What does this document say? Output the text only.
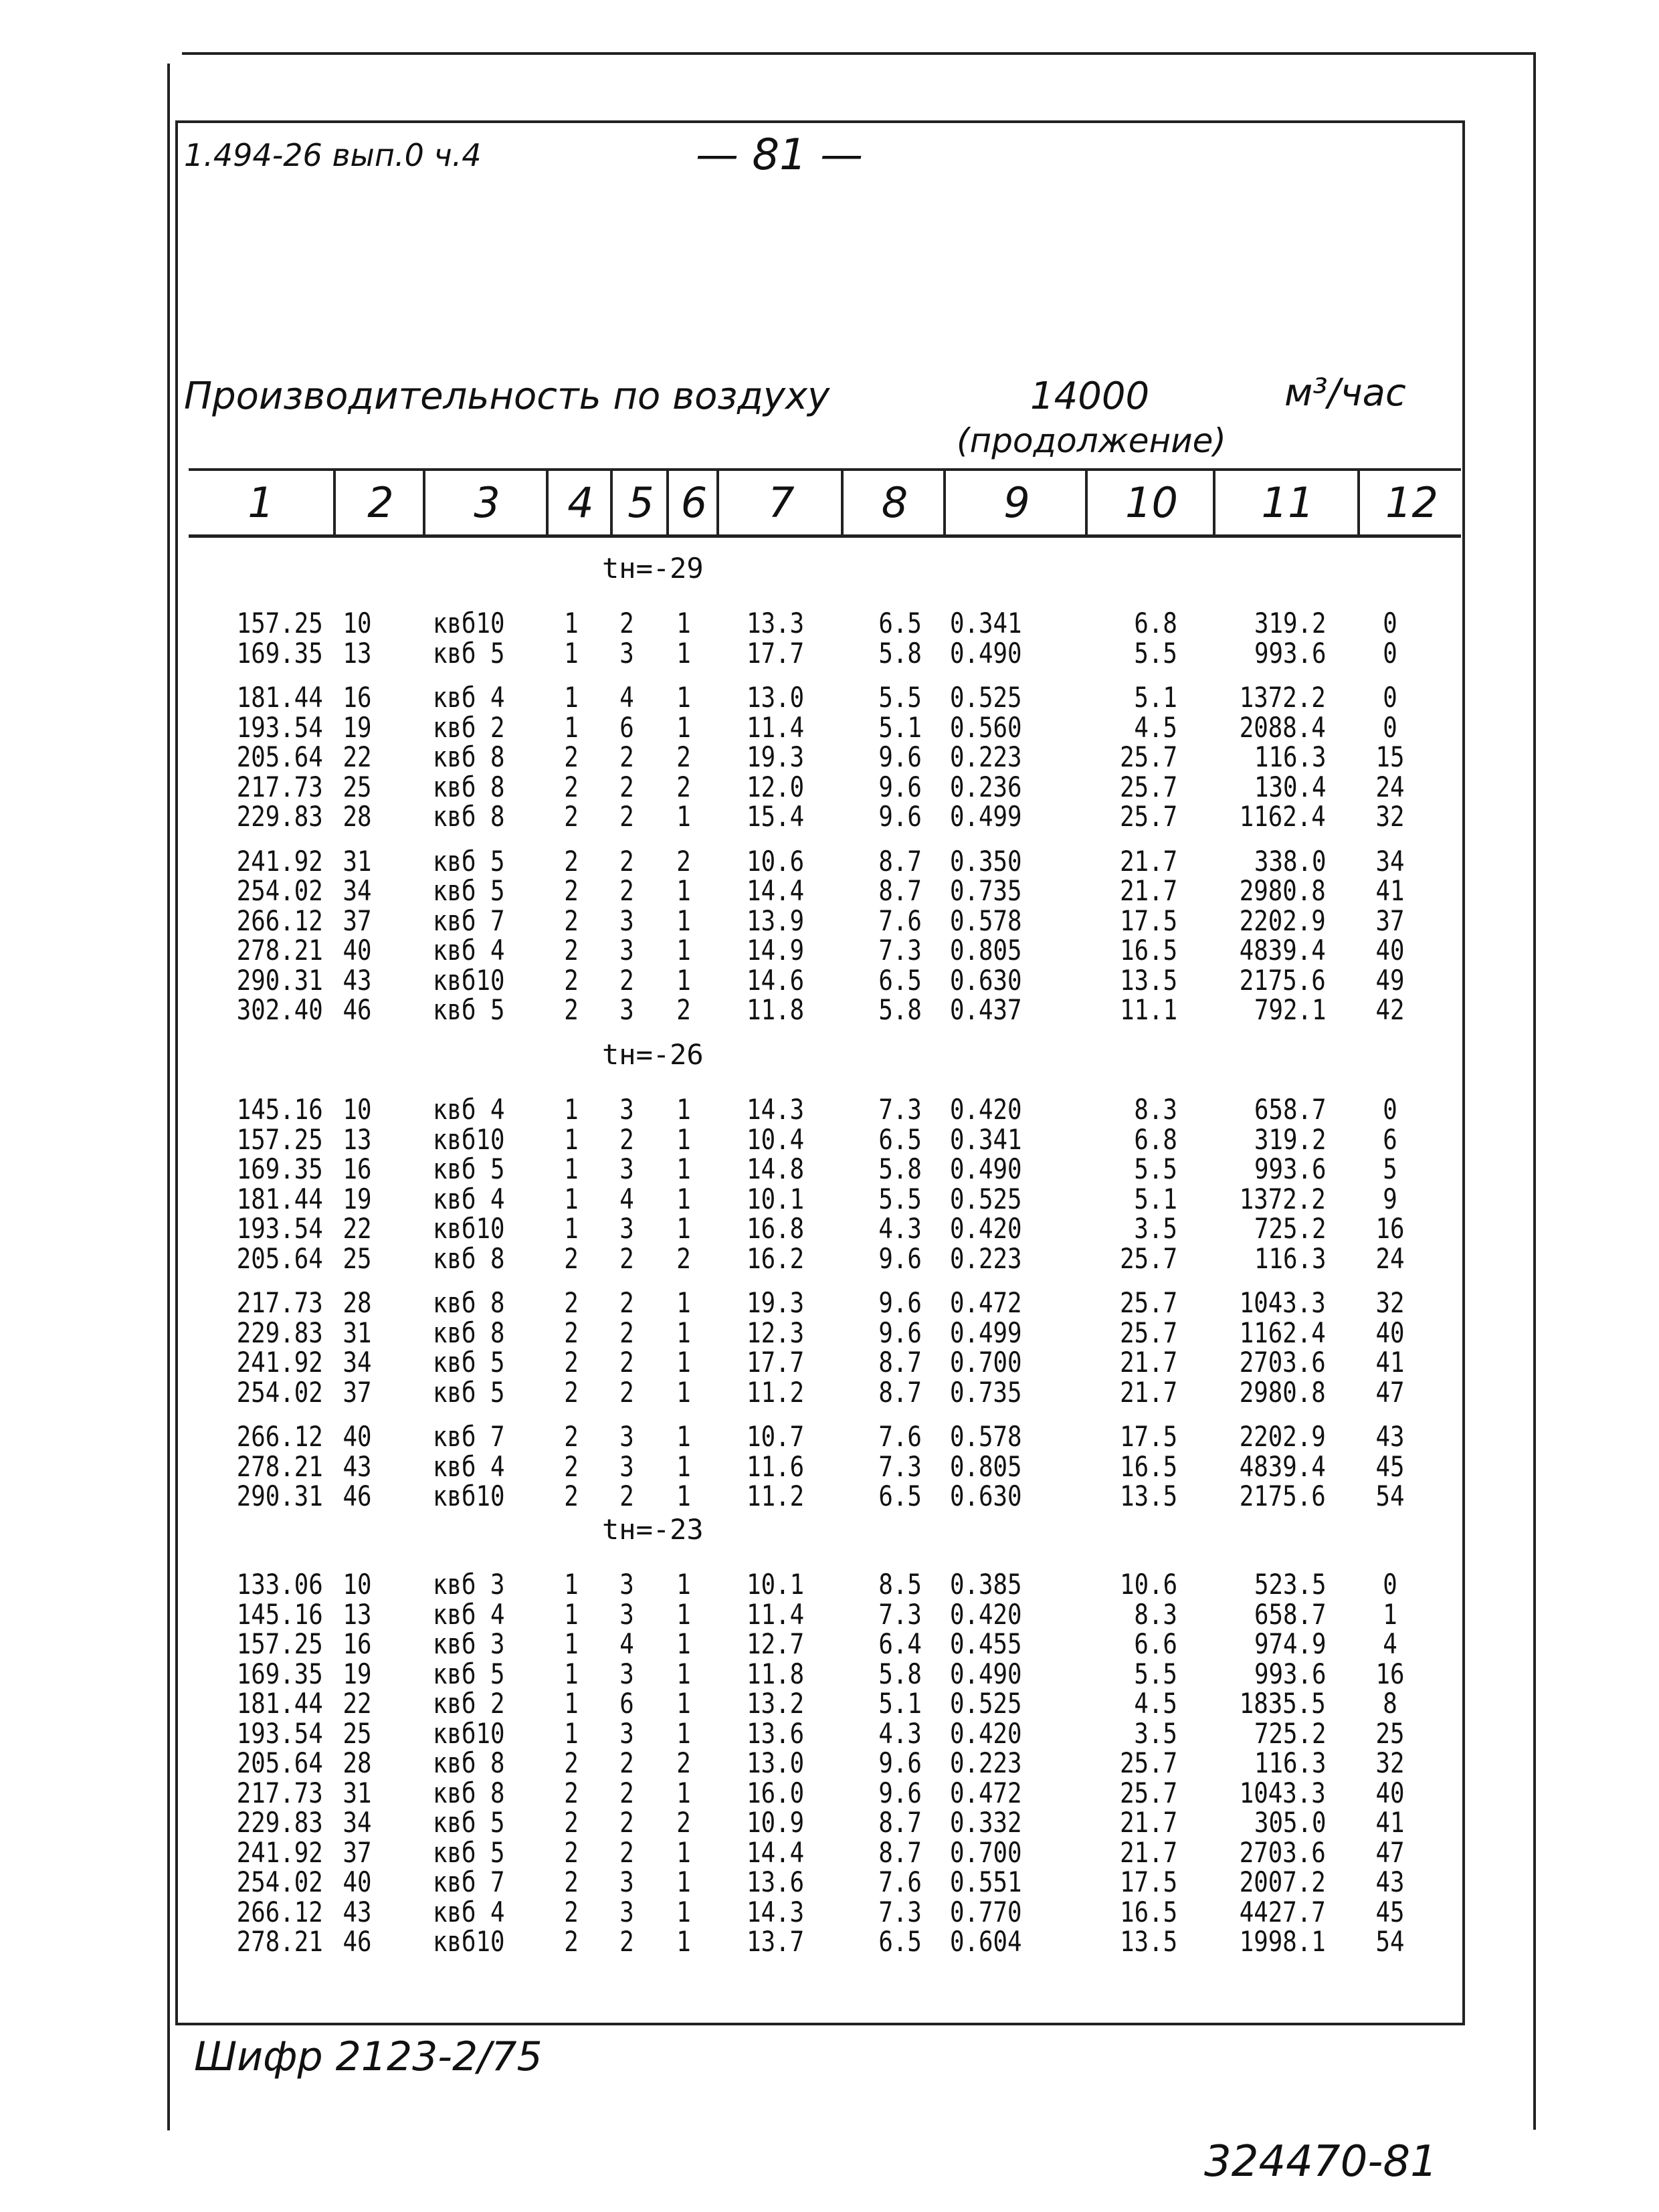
1.494-26 вып.0 ч.4	— 81 —
Производительность по воздуху	14000	м³/час
(продолжение)
1	2	3	4 5 6	7	8	9	10	11	12
tн=-29
157.25 10	квб10	1	2	1	13.3	6.5 0.341	6.8	319.2	0
169.35 13	квб 5	1	3	1	17.7	5.8 0.490	5.5	993.6	0
181.44 16	квб 4	1	4	1	13.0	5.5 0.525	5.1 1372.2	0
193.54 19	квб 2	1	6	1	11.4	5.1 0.560	4.5 2088.4	0
205.64 22	квб 8	2	2	2	19.3	9.6 0.223	25.7	116.3	15
217.73 25	квб 8	2	2	2	12.0	9.6 0.236	25.7	130.4	24
229.83 28	квб 8	2	2	1	15.4	9.6 0.499	25.7 1162.4	32
241.92 31	квб 5	2	2	2	10.6	8.7 0.350	21.7	338.0	34
254.02 34	квб 5	2	2	1	14.4	8.7 0.735	21.7 2980.8	41
266.12 37	квб 7	2	3	1	13.9	7.6 0.578	17.5 2202.9	37
278.21 40	квб 4	2	3	1	14.9	7.3 0.805	16.5 4839.4	40
290.31 43	квб10	2	2	1	14.6	6.5 0.630	13.5 2175.6	49
302.40 46	квб 5	2	3	2	11.8	5.8 0.437	11.1	792.1	42
tн=-26
145.16 10	квб 4	1	3	1	14.3	7.3 0.420	8.3	658.7	0
157.25 13	квб10	1	2	1	10.4	6.5 0.341	6.8	319.2	6
169.35 16	квб 5	1	3	1	14.8	5.8 0.490	5.5	993.6	5
181.44 19	квб 4	1	4	1	10.1	5.5 0.525	5.1 1372.2	9
193.54 22	квб10	1	3	1	16.8	4.3 0.420	3.5	725.2	16
205.64 25	квб 8	2	2	2	16.2	9.6 0.223	25.7	116.3	24
217.73 28	квб 8	2	2	1	19.3	9.6 0.472	25.7 1043.3	32
229.83 31	квб 8	2	2	1	12.3	9.6 0.499	25.7 1162.4	40
241.92 34	квб 5	2	2	1	17.7	8.7 0.700	21.7 2703.6	41
254.02 37	квб 5	2	2	1	11.2	8.7 0.735	21.7 2980.8	47
266.12 40	квб 7	2	3	1	10.7	7.6 0.578	17.5 2202.9	43
278.21 43	квб 4	2	3	1	11.6	7.3 0.805	16.5 4839.4	45
290.31 46	квб10	2	2	1	11.2	6.5 0.630	13.5 2175.6	54
tн=-23
133.06 10	квб 3	1	3	1	10.1	8.5 0.385	10.6	523.5	0
145.16 13	квб 4	1	3	1	11.4	7.3 0.420	8.3	658.7	1
157.25 16	квб 3	1	4	1	12.7	6.4 0.455	6.6	974.9	4
169.35 19	квб 5	1	3	1	11.8	5.8 0.490	5.5	993.6	16
181.44 22	квб 2	1	6	1	13.2	5.1 0.525	4.5 1835.5	8
193.54 25	квб10	1	3	1	13.6	4.3 0.420	3.5	725.2	25
205.64 28	квб 8	2	2	2	13.0	9.6 0.223	25.7	116.3	32
217.73 31	квб 8	2	2	1	16.0	9.6 0.472	25.7 1043.3	40
229.83 34	квб 5	2	2	2	10.9	8.7 0.332	21.7	305.0	41
241.92 37	квб 5	2	2	1	14.4	8.7 0.700	21.7 2703.6	47
254.02 40	квб 7	2	3	1	13.6	7.6 0.551	17.5 2007.2	43
266.12 43	квб 4	2	3	1	14.3	7.3 0.770	16.5 4427.7	45
278.21 46	квб10	2	2	1	13.7	6.5 0.604	13.5 1998.1	54
Шифр 2123-2/75
324470-81
